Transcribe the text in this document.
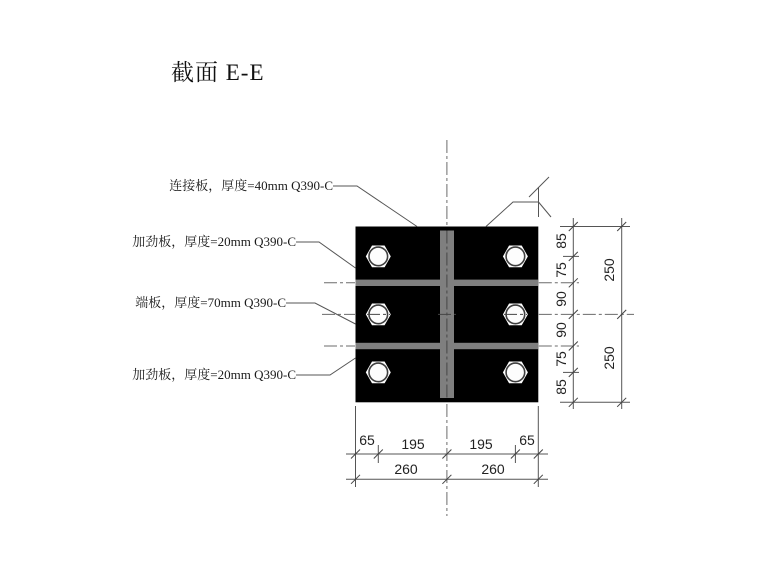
截面 E-E
连接板，厚度=40mm Q390-C
加劲板，厚度=20mm Q390-C
端板，厚度=70mm Q390-C
加劲板，厚度=20mm Q390-C
85
75
90
90
75
85
250
250
65 195	195 65
260	260
